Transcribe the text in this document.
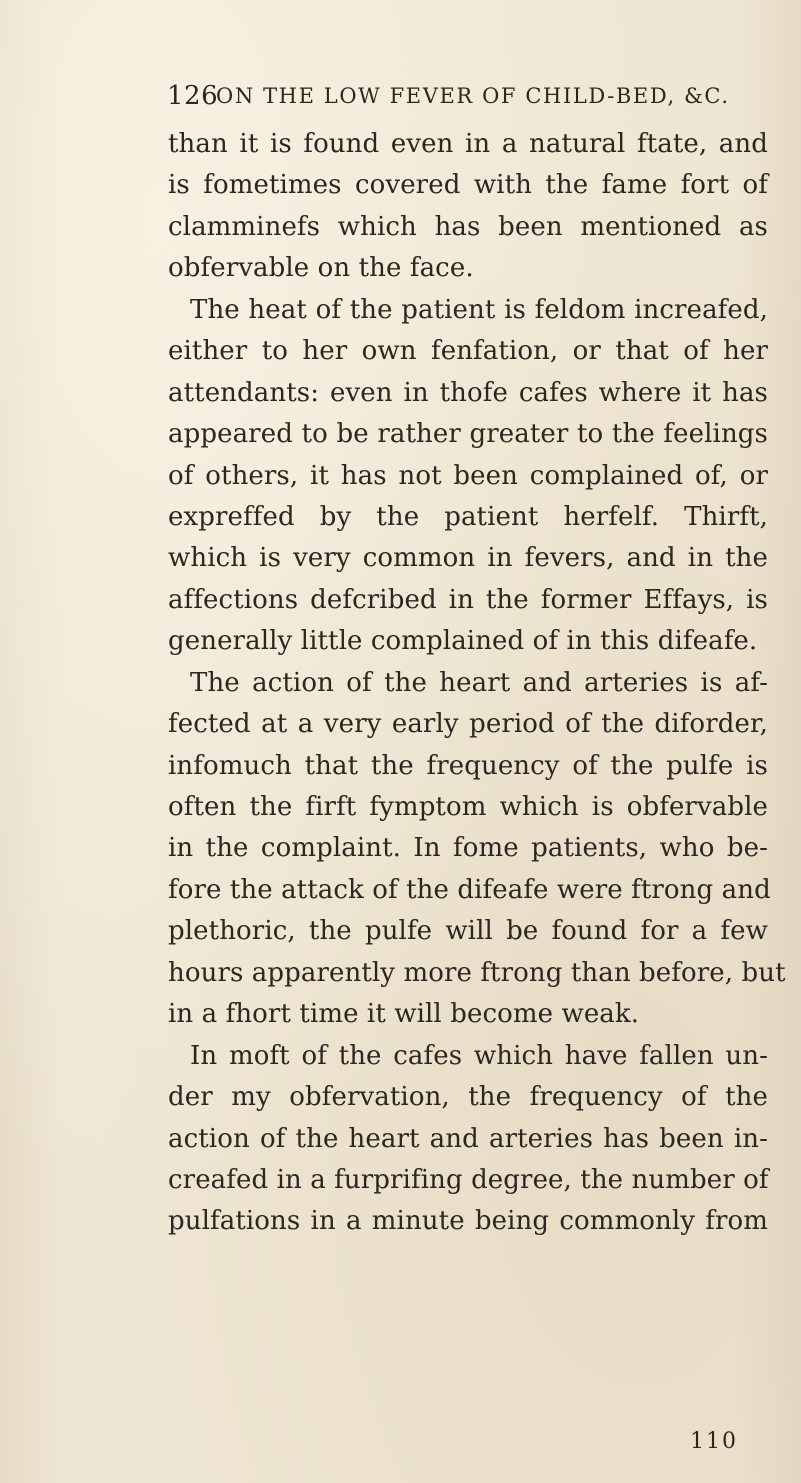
126
ON THE LOW FEVER OF CHILD-BED, &C.
than it is found even in a natural ftate, and
is fometimes covered with the fame fort of
clamminefs which has been mentioned as
obfervable on the face.
The heat of the patient is feldom increafed,
either to her own fenfation, or that of her
attendants: even in thofe cafes where it has
appeared to be rather greater to the feelings
of others, it has not been complained of, or
expreffed by the patient herfelf. Thirft,
which is very common in fevers, and in the
affections defcribed in the former Effays, is
generally little complained of in this difeafe.
The action of the heart and arteries is af-
fected at a very early period of the diforder,
infomuch that the frequency of the pulfe is
often the firft fymptom which is obfervable
in the complaint. In fome patients, who be-
fore the attack of the difeafe were ftrong and
plethoric, the pulfe will be found for a few
hours apparently more ftrong than before, but
in a fhort time it will become weak.
In moft of the cafes which have fallen un-
der my obfervation, the frequency of the
action of the heart and arteries has been in-
creafed in a furprifing degree, the number of
pulfations in a minute being commonly from
110
